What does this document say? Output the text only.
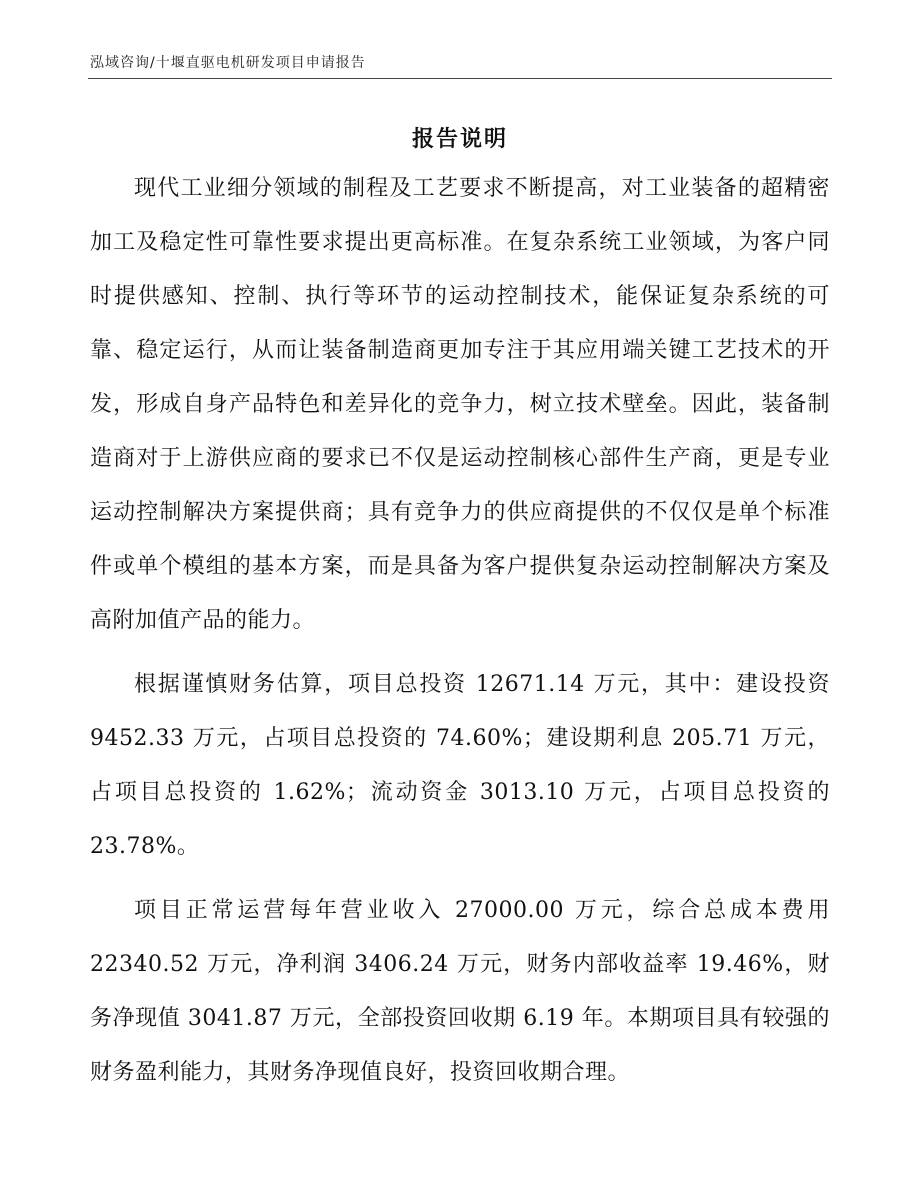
泓域咨询/十堰直驱电机研发项目申请报告
报告说明

现代工业细分领域的制程及工艺要求不断提高，对工业装备的超精密加工及稳定性可靠性要求提出更高标准。在复杂系统工业领域，为客户同时提供感知、控制、执行等环节的运动控制技术，能保证复杂系统的可靠、稳定运行，从而让装备制造商更加专注于其应用端关键工艺技术的开发，形成自身产品特色和差异化的竞争力，树立技术壁垒。因此，装备制造商对于上游供应商的要求已不仅是运动控制核心部件生产商，更是专业运动控制解决方案提供商；具有竞争力的供应商提供的不仅仅是单个标准件或单个模组的基本方案，而是具备为客户提供复杂运动控制解决方案及高附加值产品的能力。

根据谨慎财务估算，项目总投资 12671.14 万元，其中：建设投资 9452.33 万元，占项目总投资的 74.60%；建设期利息 205.71 万元，占项目总投资的 1.62%；流动资金 3013.10 万元，占项目总投资的 23.78%。

项目正常运营每年营业收入 27000.00 万元，综合总成本费用 22340.52 万元，净利润 3406.24 万元，财务内部收益率 19.46%，财务净现值 3041.87 万元，全部投资回收期 6.19 年。本期项目具有较强的财务盈利能力，其财务净现值良好，投资回收期合理。
